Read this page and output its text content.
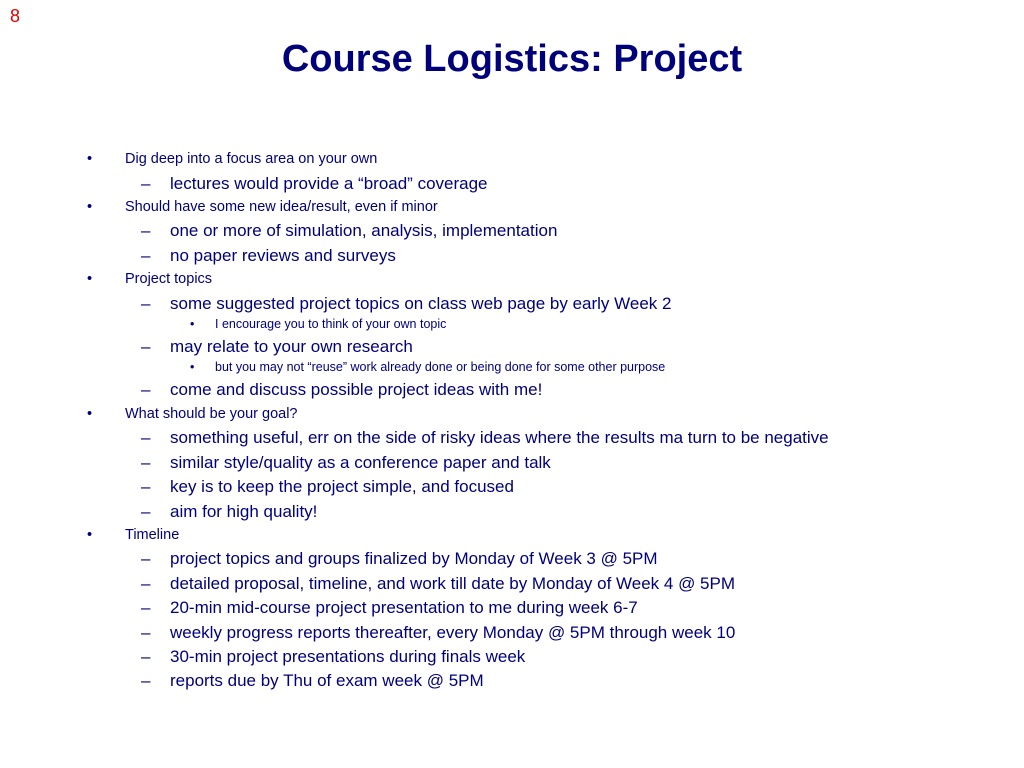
8
Course Logistics: Project
• Dig deep into a focus area on your own
– lectures would provide a “broad” coverage
• Should have some new idea/result, even if minor
– one or more of simulation, analysis, implementation
– no paper reviews and surveys
• Project topics
– some suggested project topics on class web page by early Week 2
• I encourage you to think of your own topic
– may relate to your own research
• but you may not “reuse” work already done or being done for some other purpose
– come and discuss possible project ideas with me!
• What should be your goal?
– something useful, err on the side of risky ideas where the results ma turn to be negative
– similar style/quality as a conference paper and talk
– key is to keep the project simple, and focused
– aim for high quality!
• Timeline
– project topics and groups finalized by Monday of Week 3 @ 5PM
– detailed proposal, timeline, and work till date by Monday of Week 4 @ 5PM
– 20-min mid-course project presentation to me during week 6-7
– weekly progress reports thereafter, every Monday @ 5PM through week 10
– 30-min project presentations during finals week
– reports due by Thu of exam week @ 5PM
